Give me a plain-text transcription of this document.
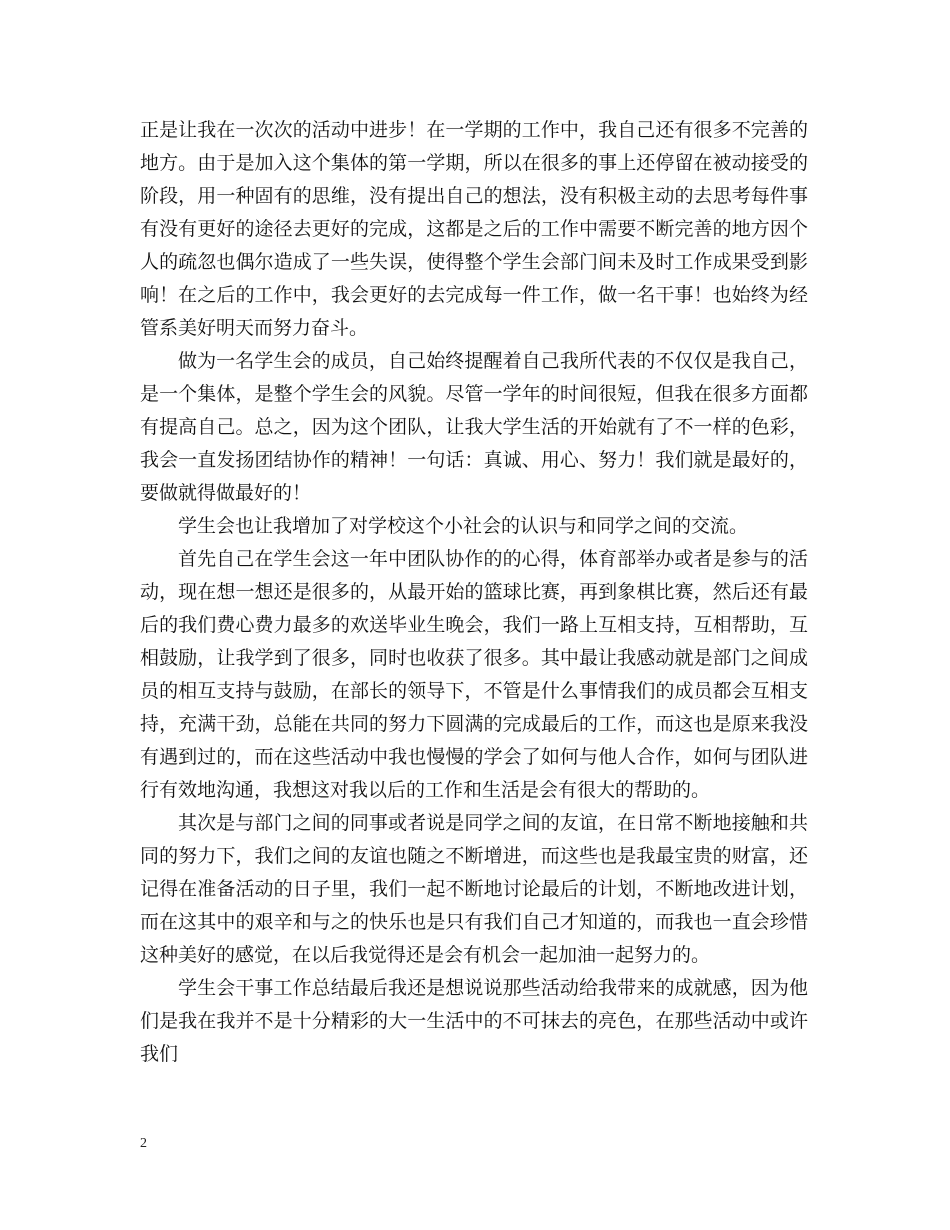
正是让我在一次次的活动中进步！在一学期的工作中，我自己还有很多不完善的地方。由于是加入这个集体的第一学期，所以在很多的事上还停留在被动接受的阶段，用一种固有的思维，没有提出自己的想法，没有积极主动的去思考每件事有没有更好的途径去更好的完成，这都是之后的工作中需要不断完善的地方因个人的疏忽也偶尔造成了一些失误，使得整个学生会部门间未及时工作成果受到影响！在之后的工作中，我会更好的去完成每一件工作，做一名干事！也始终为经管系美好明天而努力奋斗。

做为一名学生会的成员，自己始终提醒着自己我所代表的不仅仅是我自己，是一个集体，是整个学生会的风貌。尽管一学年的时间很短，但我在很多方面都有提高自己。总之，因为这个团队，让我大学生活的开始就有了不一样的色彩，我会一直发扬团结协作的精神！一句话：真诚、用心、努力！我们就是最好的，要做就得做最好的！

学生会也让我增加了对学校这个小社会的认识与和同学之间的交流。

首先自己在学生会这一年中团队协作的的心得，体育部举办或者是参与的活动，现在想一想还是很多的，从最开始的篮球比赛，再到象棋比赛，然后还有最后的我们费心费力最多的欢送毕业生晚会，我们一路上互相支持，互相帮助，互相鼓励，让我学到了很多，同时也收获了很多。其中最让我感动就是部门之间成员的相互支持与鼓励，在部长的领导下，不管是什么事情我们的成员都会互相支持，充满干劲，总能在共同的努力下圆满的完成最后的工作，而这也是原来我没有遇到过的，而在这些活动中我也慢慢的学会了如何与他人合作，如何与团队进行有效地沟通，我想这对我以后的工作和生活是会有很大的帮助的。

其次是与部门之间的同事或者说是同学之间的友谊，在日常不断地接触和共同的努力下，我们之间的友谊也随之不断增进，而这些也是我最宝贵的财富，还记得在准备活动的日子里，我们一起不断地讨论最后的计划，不断地改进计划，而在这其中的艰辛和与之的快乐也是只有我们自己才知道的，而我也一直会珍惜这种美好的感觉，在以后我觉得还是会有机会一起加油一起努力的。

学生会干事工作总结最后我还是想说说那些活动给我带来的成就感，因为他们是我在我并不是十分精彩的大一生活中的不可抹去的亮色，在那些活动中或许我们

2
